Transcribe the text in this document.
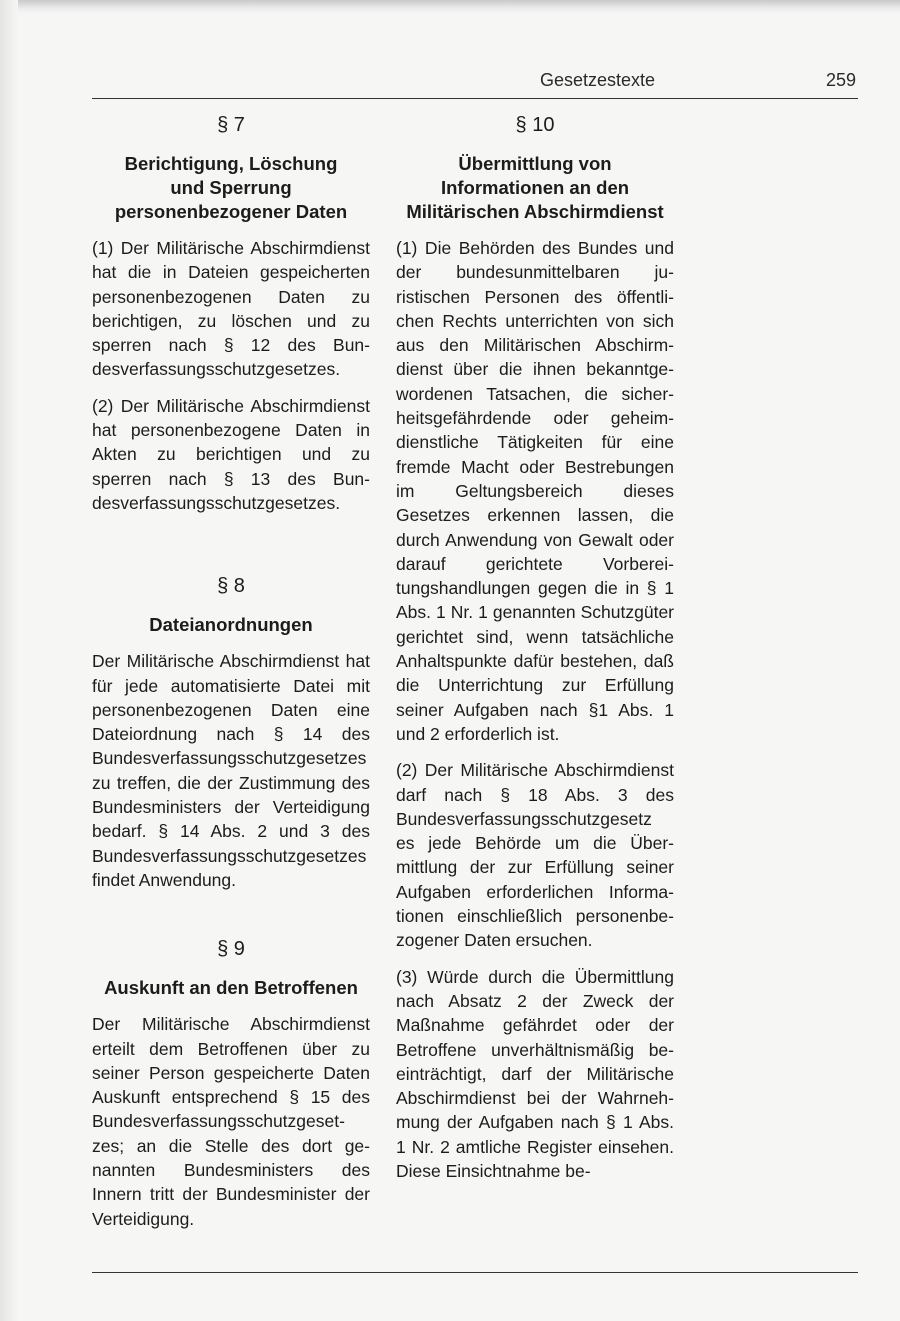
Gesetzestexte	259
§ 7
Berichtigung, Löschung
und Sperrung
personenbezogener Daten

(1) Der Militärische Abschirmdienst hat die in Dateien gespeicherten personenbezogenen Daten zu berichtigen, zu löschen und zu sperren nach § 12 des Bundesverfassungsschutzgesetzes.

(2) Der Militärische Abschirmdienst hat personenbezogene Daten in Akten zu berichtigen und zu sperren nach § 13 des Bundesverfassungsschutzgesetzes.

§ 8
Dateianordnungen

Der Militärische Abschirmdienst hat für jede automatisierte Datei mit personenbezogenen Daten eine Dateiordnung nach § 14 des Bundesverfassungsschutzgesetzes zu treffen, die der Zustimmung des Bundesministers der Verteidigung bedarf. § 14 Abs. 2 und 3 des Bundesverfassungsschutzgesetzes findet Anwendung.

§ 9
Auskunft an den Betroffenen

Der Militärische Abschirmdienst erteilt dem Betroffenen über zu seiner Person gespeicherte Daten Auskunft entsprechend § 15 des Bundesverfassungsschutzgesetzes; an die Stelle des dort genannten Bundesministers des Innern tritt der Bundesminister der Verteidigung.

§ 10
Übermittlung von
Informationen an den
Militärischen Abschirmdienst

(1) Die Behörden des Bundes und der bundesunmittelbaren juristischen Personen des öffentlichen Rechts unterrichten von sich aus den Militärischen Abschirmdienst über die ihnen bekanntgewordenen Tatsachen, die sicherheitsgefährdende oder geheimdienstliche Tätigkeiten für eine fremde Macht oder Bestrebungen im Geltungsbereich dieses Gesetzes erkennen lassen, die durch Anwendung von Gewalt oder darauf gerichtete Vorbereitungshandlungen gegen die in § 1 Abs. 1 Nr. 1 genannten Schutzgüter gerichtet sind, wenn tatsächliche Anhaltspunkte dafür bestehen, daß die Unterrichtung zur Erfüllung seiner Aufgaben nach §1 Abs. 1 und 2 erforderlich ist.

(2) Der Militärische Abschirmdienst darf nach § 18 Abs. 3 des Bundesverfassungsschutzgesetz es jede Behörde um die Übermittlung der zur Erfüllung seiner Aufgaben erforderlichen Informationen einschließlich personenbezogener Daten ersuchen.

(3) Würde durch die Übermittlung nach Absatz 2 der Zweck der Maßnahme gefährdet oder der Betroffene unverhältnismäßig beeinträchtigt, darf der Militärische Abschirmdienst bei der Wahrnehmung der Aufgaben nach § 1 Abs. 1 Nr. 2 amtliche Register einsehen. Diese Einsichtnahme be-
